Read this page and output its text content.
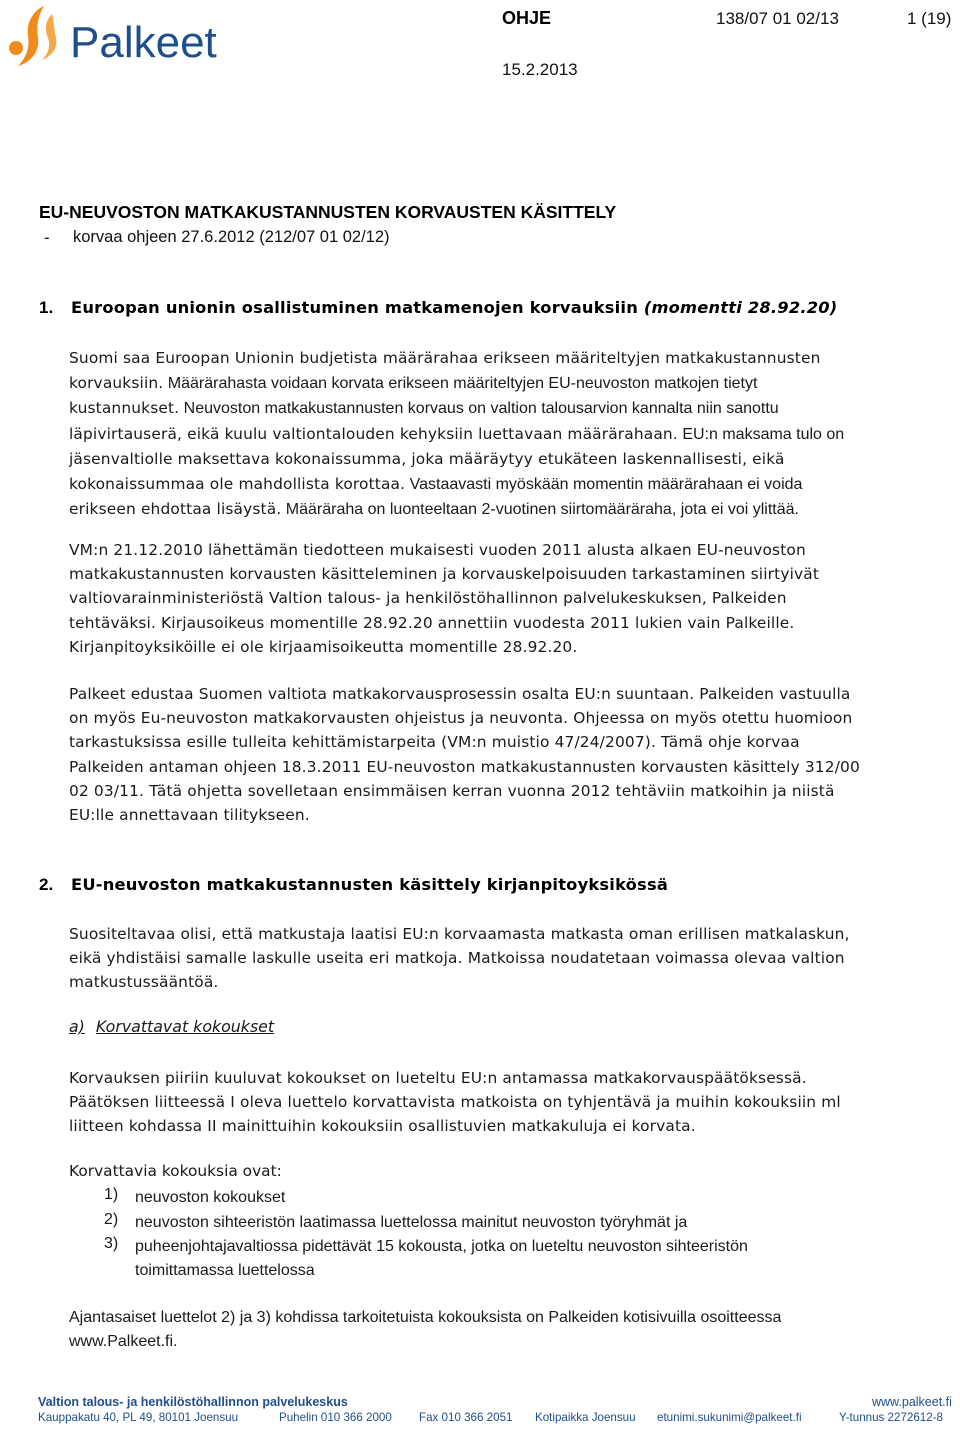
Palkeet	OHJE	138/07 01 02/13	1 (19)
15.2.2013
EU-NEUVOSTON MATKAKUSTANNUSTEN KORVAUSTEN KÄSITTELY
- korvaa ohjeen 27.6.2012 (212/07 01 02/12)
1. Euroopan unionin osallistuminen matkamenojen korvauksiin (momentti 28.92.20)
Suomi saa Euroopan Unionin budjetista määrärahaa erikseen määriteltyjen matkakustannusten
korvauksiin. Määrärahasta voidaan korvata erikseen määriteltyjen EU-neuvoston matkojen tietyt
kustannukset. Neuvoston matkakustannusten korvaus on valtion talousarvion kannalta niin sanottu
läpivirtauserä, eikä kuulu valtiontalouden kehyksiin luettavaan määrärahaan. EU:n maksama tulo on
jäsenvaltiolle maksettava kokonaissumma, joka määräytyy etukäteen laskennallisesti, eikä
kokonaissummaa ole mahdollista korottaa. Vastaavasti myöskään momentin määrärahaan ei voida
erikseen ehdottaa lisäystä. Määräraha on luonteeltaan 2-vuotinen siirtomääräraha, jota ei voi ylittää.
VM:n 21.12.2010 lähettämän tiedotteen mukaisesti vuoden 2011 alusta alkaen EU-neuvoston
matkakustannusten korvausten käsitteleminen ja korvauskelpoisuuden tarkastaminen siirtyivät
valtiovarainministeriöstä Valtion talous- ja henkilöstöhallinnon palvelukeskuksen, Palkeiden
tehtäväksi. Kirjausoikeus momentille 28.92.20 annettiin vuodesta 2011 lukien vain Palkeille.
Kirjanpitoyksiköille ei ole kirjaamisoikeutta momentille 28.92.20.
Palkeet edustaa Suomen valtiota matkakorvausprosessin osalta EU:n suuntaan. Palkeiden vastuulla
on myös Eu-neuvoston matkakorvausten ohjeistus ja neuvonta. Ohjeessa on myös otettu huomioon
tarkastuksissa esille tulleita kehittämistarpeita (VM:n muistio 47/24/2007). Tämä ohje korvaa
Palkeiden antaman ohjeen 18.3.2011 EU-neuvoston matkakustannusten korvausten käsittely 312/00
02 03/11. Tätä ohjetta sovelletaan ensimmäisen kerran vuonna 2012 tehtäviin matkoihin ja niistä
EU:lle annettavaan tilitykseen.
2. EU-neuvoston matkakustannusten käsittely kirjanpitoyksikössä
Suositeltavaa olisi, että matkustaja laatisi EU:n korvaamasta matkasta oman erillisen matkalaskun,
eikä yhdistäisi samalle laskulle useita eri matkoja. Matkoissa noudatetaan voimassa olevaa valtion
matkustussääntöä.
a) Korvattavat kokoukset
Korvauksen piiriin kuuluvat kokoukset on lueteltu EU:n antamassa matkakorvauspäätöksessä.
Päätöksen liitteessä I oleva luettelo korvattavista matkoista on tyhjentävä ja muihin kokouksiin ml
liitteen kohdassa II mainittuihin kokouksiin osallistuvien matkakuluja ei korvata.
Korvattavia kokouksia ovat:
1) neuvoston kokoukset
2) neuvoston sihteeristön laatimassa luettelossa mainitut neuvoston työryhmät ja
3) puheenjohtajavaltiossa pidettävät 15 kokousta, jotka on lueteltu neuvoston sihteeristön
toimittamassa luettelossa
Ajantasaiset luettelot 2) ja 3) kohdissa tarkoitetuista kokouksista on Palkeiden kotisivuilla osoitteessa
www.Palkeet.fi.
Valtion talous- ja henkilöstöhallinnon palvelukeskus	www.palkeet.fi
Kauppakatu 40, PL 49, 80101 Joensuu	Puhelin 010 366 2000 Fax 010 366 2051 Kotipaikka Joensuu etunimi.sukunimi@palkeet.fi	Y-tunnus 2272612-8
